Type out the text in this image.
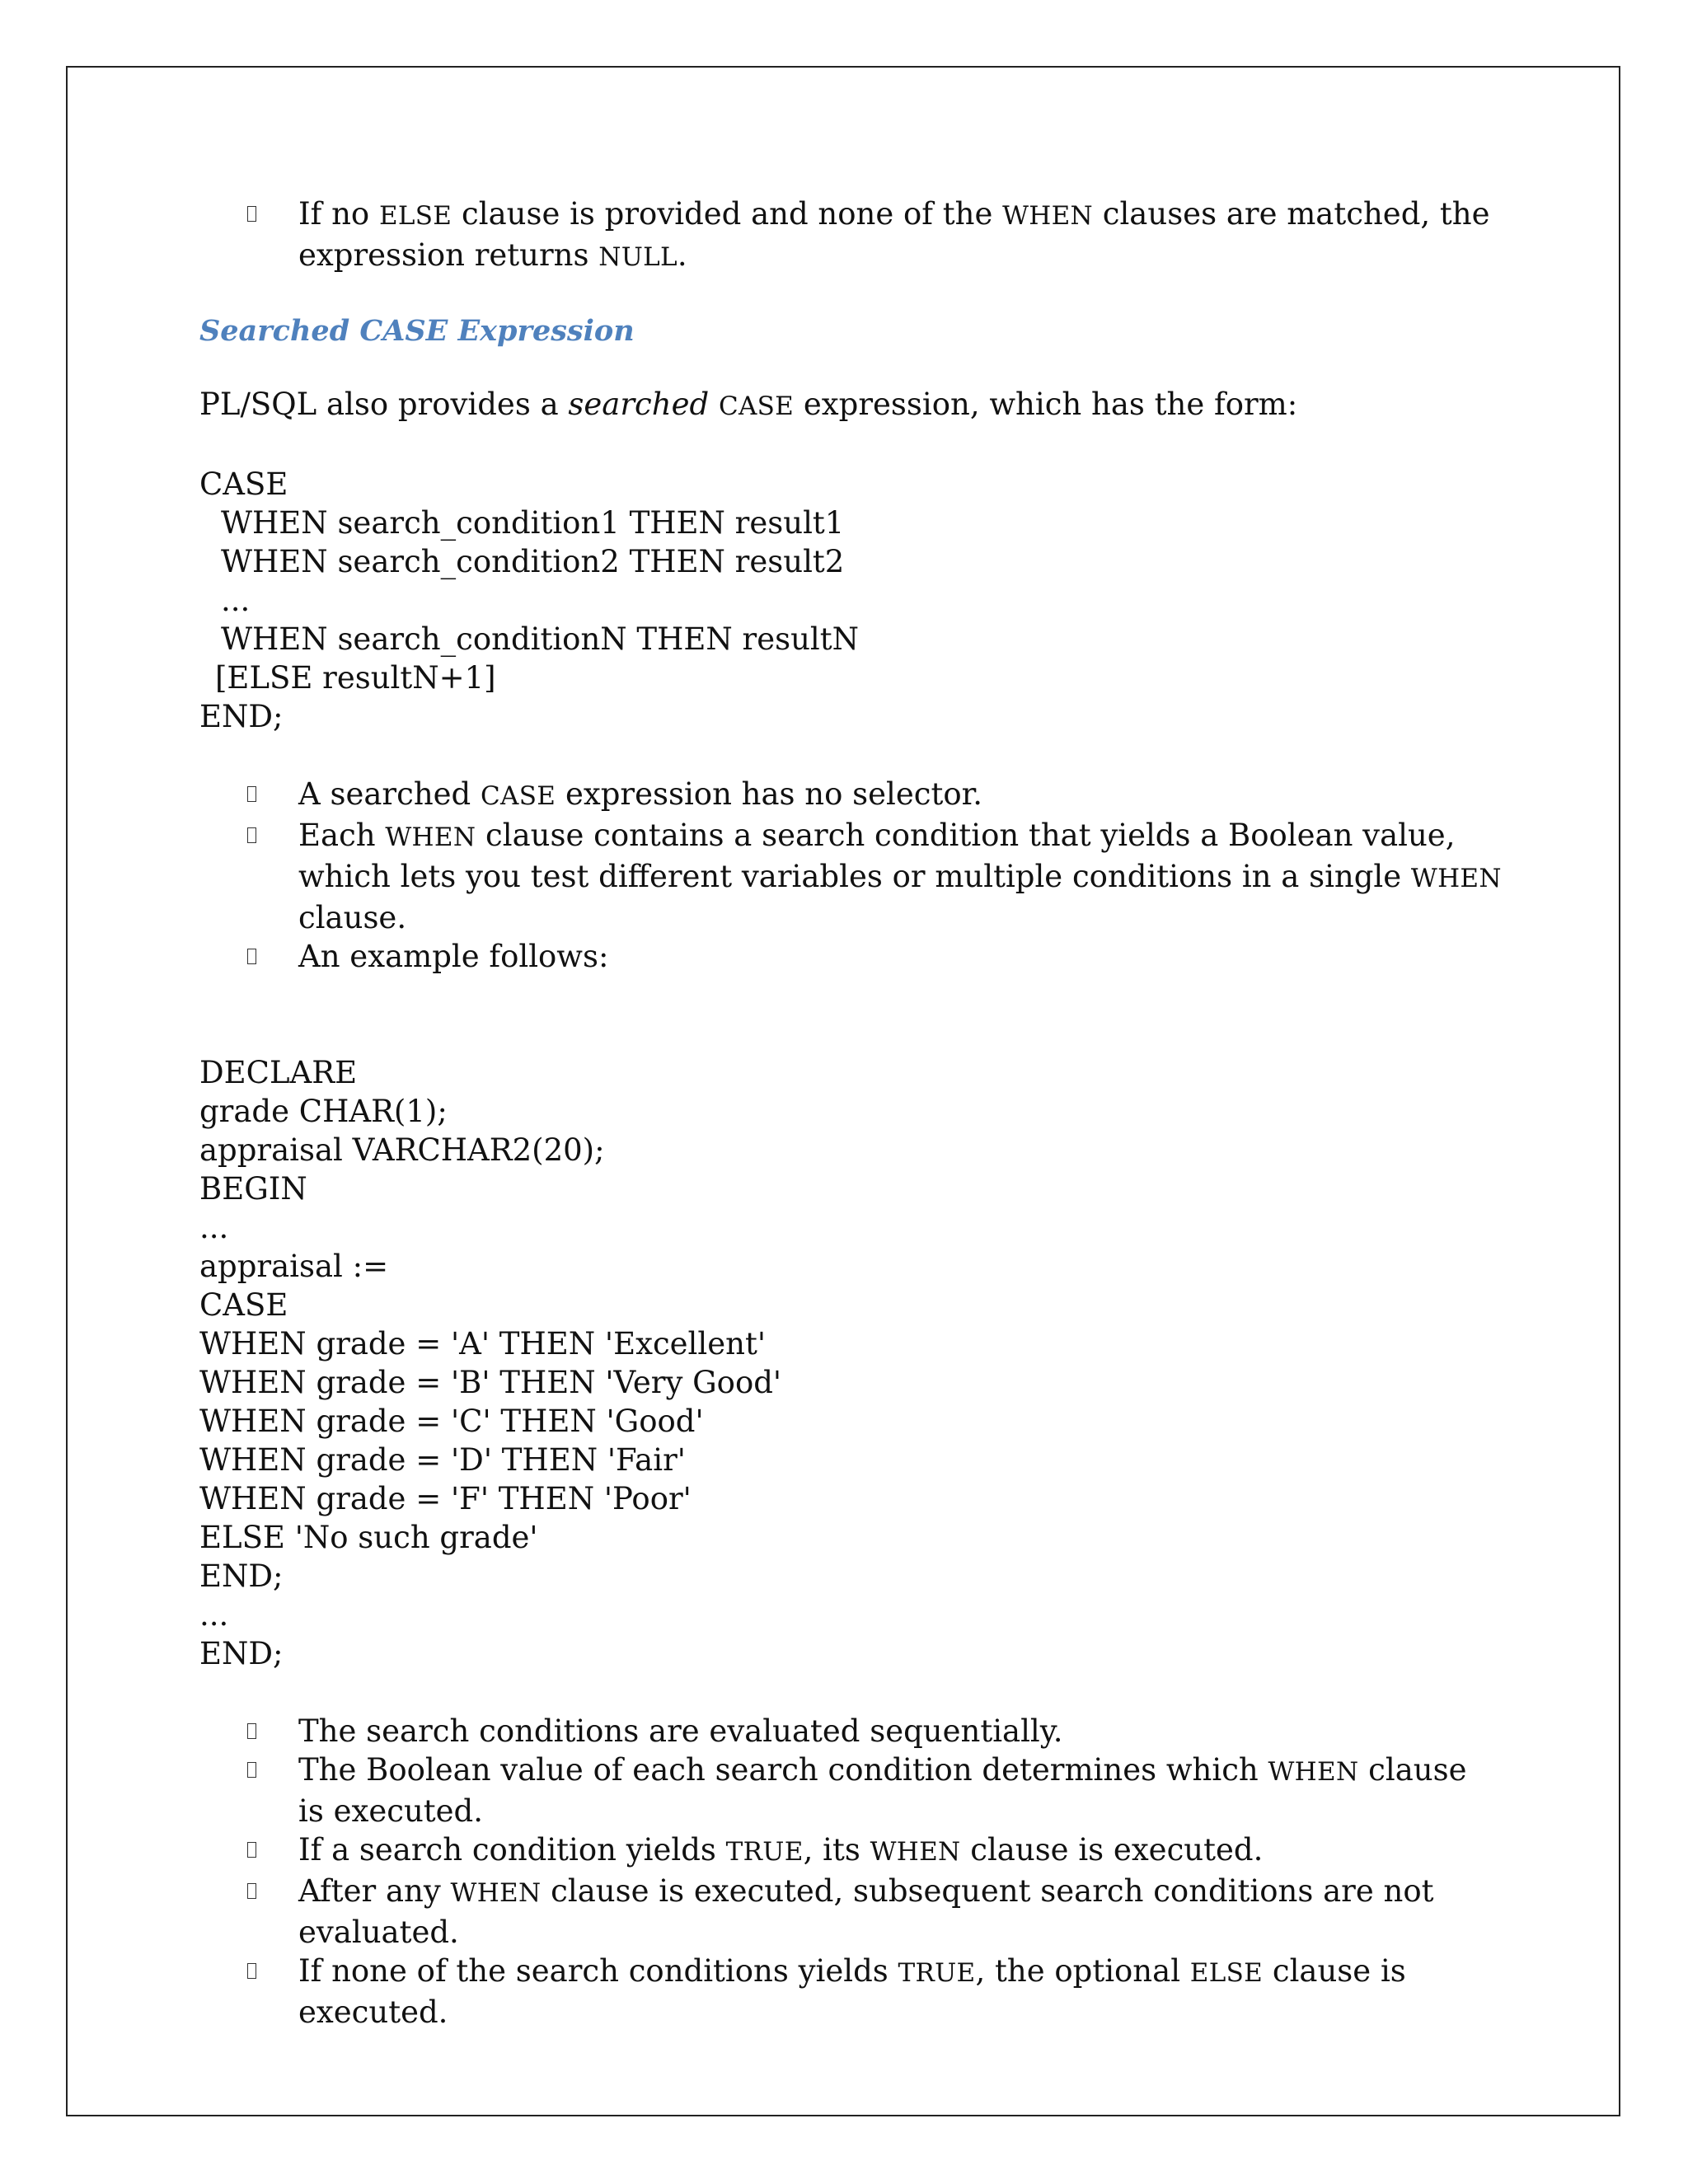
If no ELSE clause is provided and none of the WHEN clauses are matched, the expression returns NULL.
Searched CASE Expression

PL/SQL also provides a searched CASE expression, which has the form:

CASE
WHEN search_condition1 THEN result1
WHEN search_condition2 THEN result2
...
WHEN search_conditionN THEN resultN
[ELSE resultN+1]
END;
A searched CASE expression has no selector.
Each WHEN clause contains a search condition that yields a Boolean value, which lets you test different variables or multiple conditions in a single WHEN clause.
An example follows:
DECLARE
grade CHAR(1);
appraisal VARCHAR2(20);
BEGIN
...
appraisal :=
CASE
WHEN grade = 'A' THEN 'Excellent'
WHEN grade = 'B' THEN 'Very Good'
WHEN grade = 'C' THEN 'Good'
WHEN grade = 'D' THEN 'Fair'
WHEN grade = 'F' THEN 'Poor'
ELSE 'No such grade'
END;
...
END;
The search conditions are evaluated sequentially.
The Boolean value of each search condition determines which WHEN clause is executed.
If a search condition yields TRUE, its WHEN clause is executed.
After any WHEN clause is executed, subsequent search conditions are not evaluated.
If none of the search conditions yields TRUE, the optional ELSE clause is executed.
